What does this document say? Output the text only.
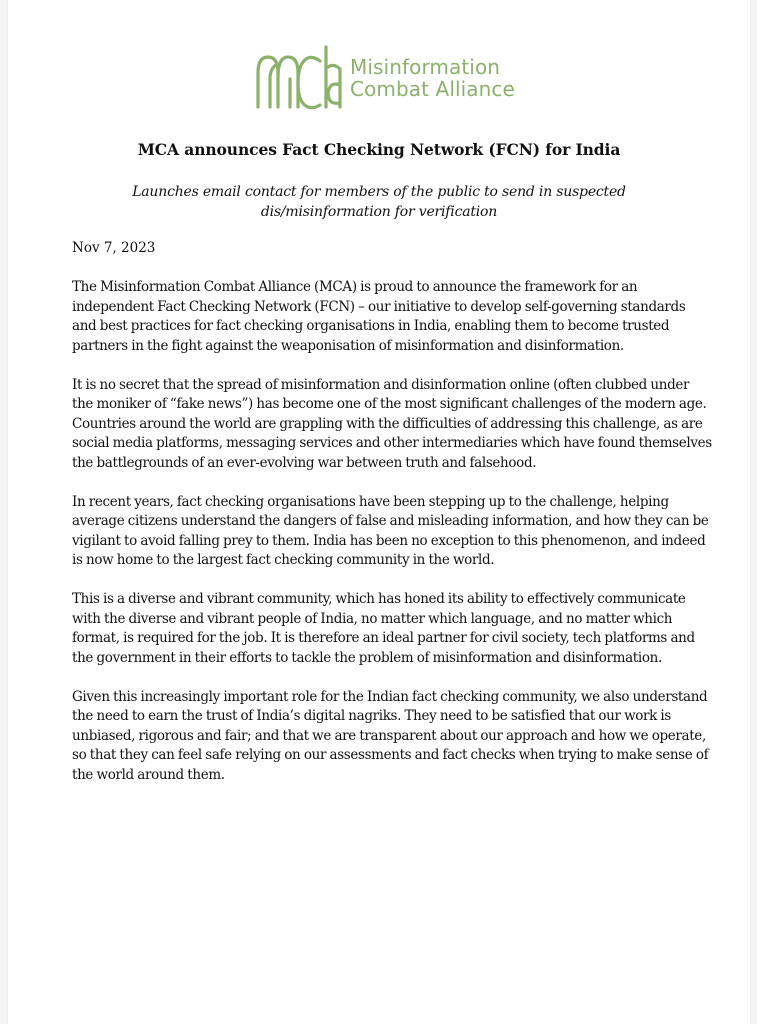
Misinformation
Combat Alliance
MCA announces Fact Checking Network (FCN) for India
Launches email contact for members of the public to send in suspected dis/misinformation for verification
Nov 7, 2023

The Misinformation Combat Alliance (MCA) is proud to announce the framework for an independent Fact Checking Network (FCN) – our initiative to develop self-governing standards and best practices for fact checking organisations in India, enabling them to become trusted partners in the fight against the weaponisation of misinformation and disinformation.

It is no secret that the spread of misinformation and disinformation online (often clubbed under the moniker of “fake news”) has become one of the most significant challenges of the modern age. Countries around the world are grappling with the difficulties of addressing this challenge, as are social media platforms, messaging services and other intermediaries which have found themselves the battlegrounds of an ever-evolving war between truth and falsehood.

In recent years, fact checking organisations have been stepping up to the challenge, helping average citizens understand the dangers of false and misleading information, and how they can be vigilant to avoid falling prey to them. India has been no exception to this phenomenon, and indeed is now home to the largest fact checking community in the world.

This is a diverse and vibrant community, which has honed its ability to effectively communicate with the diverse and vibrant people of India, no matter which language, and no matter which format, is required for the job. It is therefore an ideal partner for civil society, tech platforms and the government in their efforts to tackle the problem of misinformation and disinformation.

Given this increasingly important role for the Indian fact checking community, we also understand the need to earn the trust of India’s digital nagriks. They need to be satisfied that our work is unbiased, rigorous and fair; and that we are transparent about our approach and how we operate, so that they can feel safe relying on our assessments and fact checks when trying to make sense of the world around them.
